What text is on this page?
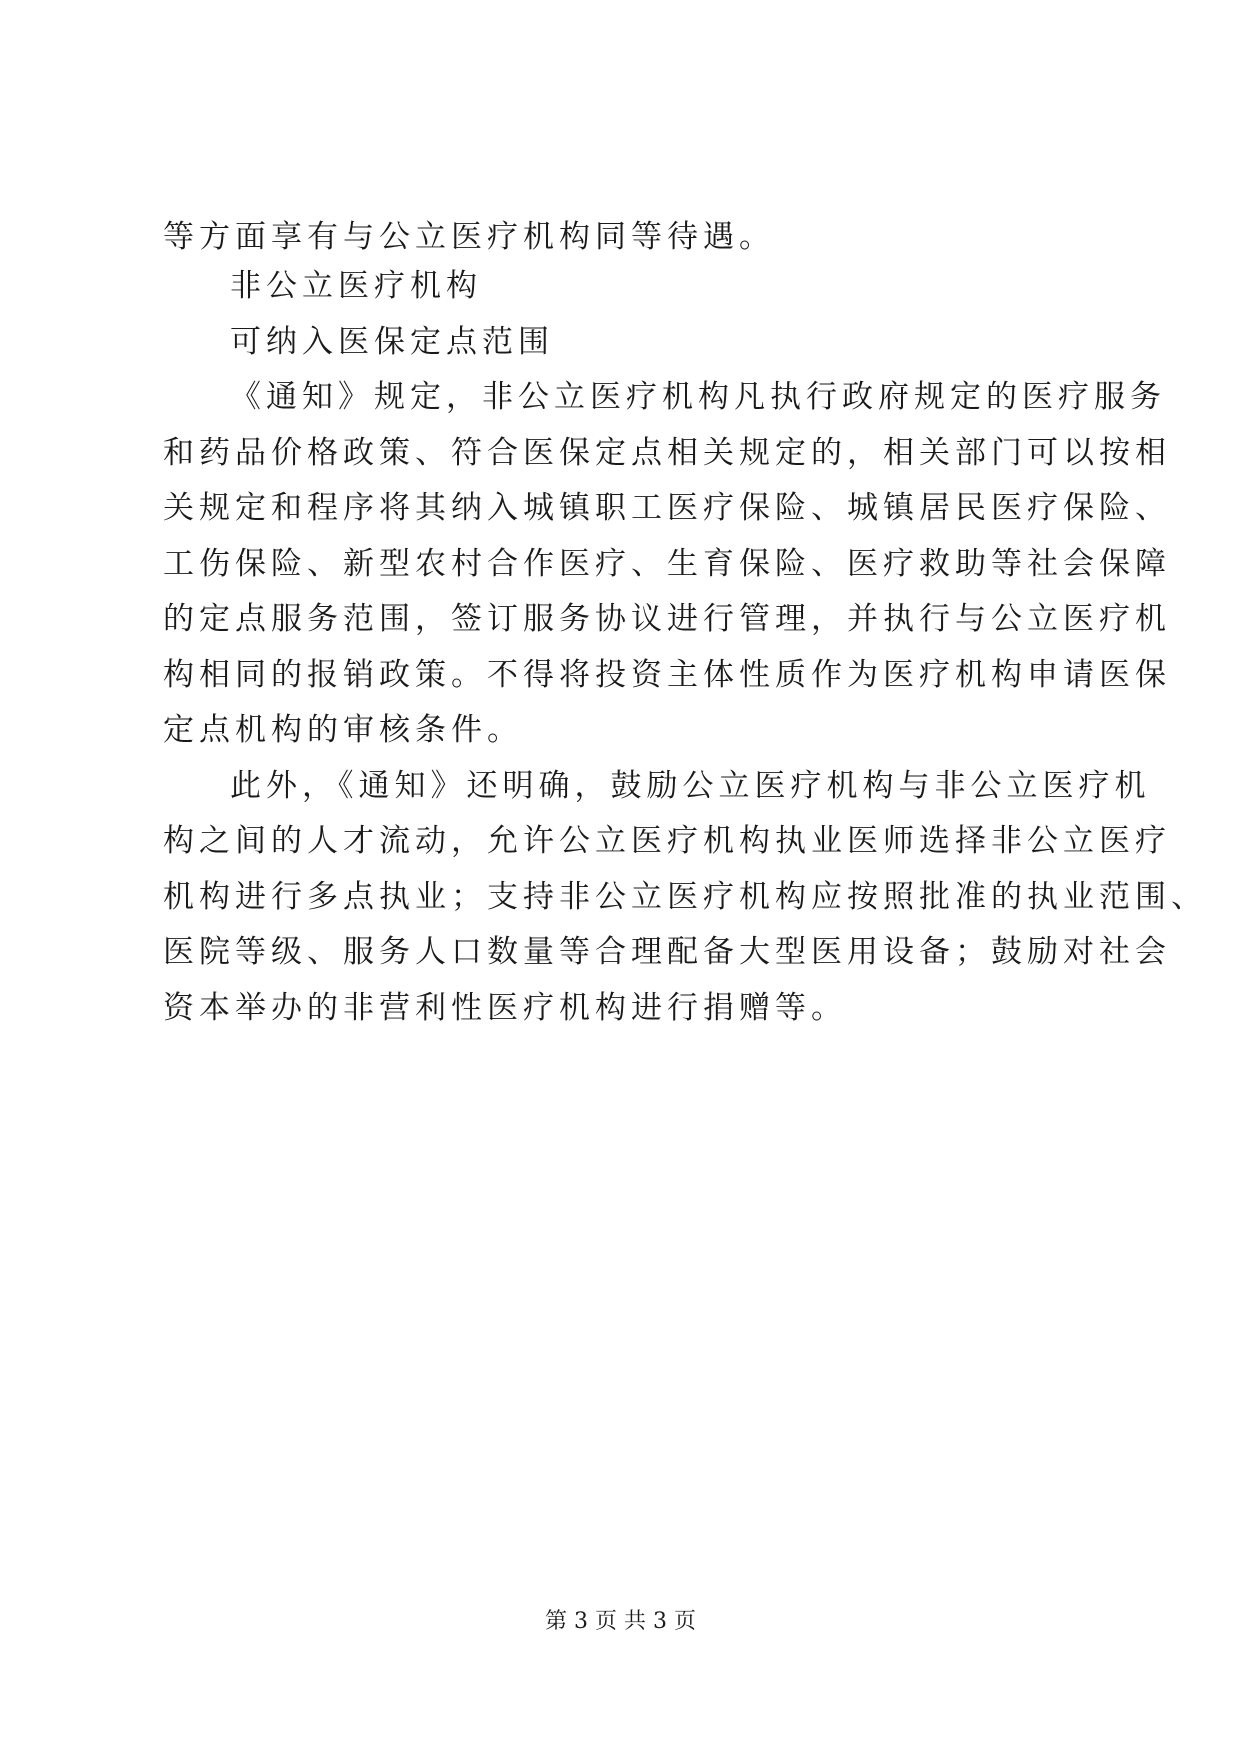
等方面享有与公立医疗机构同等待遇。
非公立医疗机构
可纳入医保定点范围
《通知》规定，非公立医疗机构凡执行政府规定的医疗服务
和药品价格政策、符合医保定点相关规定的，相关部门可以按相
关规定和程序将其纳入城镇职工医疗保险、城镇居民医疗保险、
工伤保险、新型农村合作医疗、生育保险、医疗救助等社会保障
的定点服务范围，签订服务协议进行管理，并执行与公立医疗机
构相同的报销政策。不得将投资主体性质作为医疗机构申请医保
定点机构的审核条件。
此外，《通知》还明确，鼓励公立医疗机构与非公立医疗机
构之间的人才流动，允许公立医疗机构执业医师选择非公立医疗
机构进行多点执业；支持非公立医疗机构应按照批准的执业范围、
医院等级、服务人口数量等合理配备大型医用设备；鼓励对社会
资本举办的非营利性医疗机构进行捐赠等。
第 3 页 共 3 页
